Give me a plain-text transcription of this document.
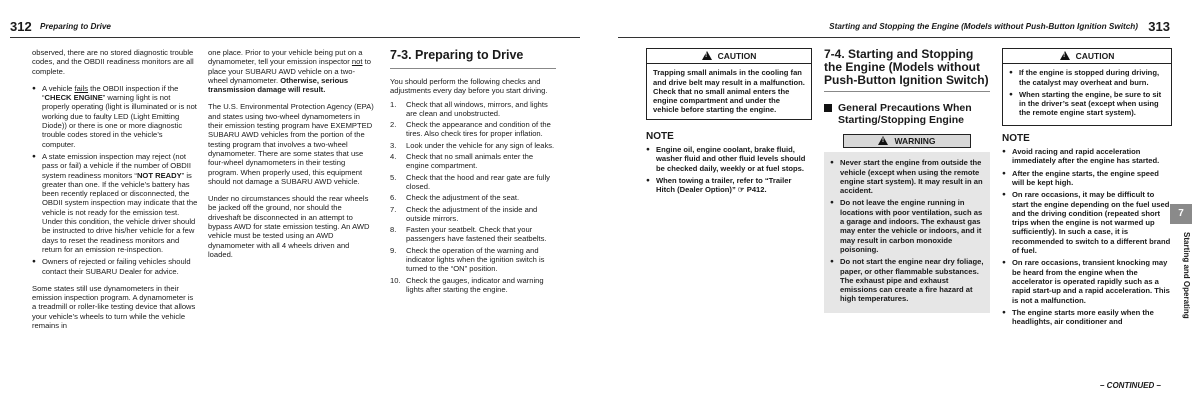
312 Preparing to Drive

observed, there are no stored diagnostic trouble codes, and the OBDII readiness monitors are all complete.

● A vehicle fails the OBDII inspection if the “CHECK ENGINE” warning light is not properly operating (light is illuminated or is not working due to faulty LED (Light Emitting Diode)) or there is one or more diagnostic trouble codes stored in the vehicle’s computer.
● A state emission inspection may reject (not pass or fail) a vehicle if the number of OBDII system readiness monitors “NOT READY” is greater than one. If the vehicle’s battery has been recently replaced or disconnected, the OBDII system inspection may indicate that the vehicle is not ready for the emission test. Under this condition, the vehicle driver should be instructed to drive his/her vehicle for a few days to reset the readiness monitors and return for an emission re-inspection.
● Owners of rejected or failing vehicles should contact their SUBARU Dealer for advice.

Some states still use dynamometers in their emission inspection program. A dynamometer is a treadmill or roller-like testing device that allows your vehicle’s wheels to turn while the vehicle remains in

one place. Prior to your vehicle being put on a dynamometer, tell your emission inspector not to place your SUBARU AWD vehicle on a two-wheel dynamometer. Otherwise, serious transmission damage will result.

The U.S. Environmental Protection Agency (EPA) and states using two-wheel dynamometers in their emission testing program have EXEMPTED SUBARU AWD vehicles from the portion of the testing program that involves a two-wheel dynamometer. There are some states that use four-wheel dynamometers in their testing program. When properly used, this equipment should not damage a SUBARU AWD vehicle.

Under no circumstances should the rear wheels be jacked off the ground, nor should the driveshaft be disconnected in an attempt to bypass AWD for state emission testing. An AWD vehicle must be tested using an AWD dynamometer with all 4 wheels driven and loaded.

7-3. Preparing to Drive

You should perform the following checks and adjustments every day before you start driving.

1. Check that all windows, mirrors, and lights are clean and unobstructed.
2. Check the appearance and condition of the tires. Also check tires for proper inflation.
3. Look under the vehicle for any sign of leaks.
4. Check that no small animals enter the engine compartment.
5. Check that the hood and rear gate are fully closed.
6. Check the adjustment of the seat.
7. Check the adjustment of the inside and outside mirrors.
8. Fasten your seatbelt. Check that your passengers have fastened their seatbelts.
9. Check the operation of the warning and indicator lights when the ignition switch is turned to the “ON” position.
10. Check the gauges, indicator and warning lights after starting the engine.
Starting and Stopping the Engine (Models without Push-Button Ignition Switch) 313
!CAUTION
Trapping small animals in the cooling fan and drive belt may result in a malfunction. Check that no small animal enters the engine compartment and under the vehicle before starting the engine.
NOTE
● Engine oil, engine coolant, brake fluid, washer fluid and other fluid levels should be checked daily, weekly or at fuel stops.
● When towing a trailer, refer to “Trailer Hitch (Dealer Option)” ☞ P412.
7-4. Starting and Stopping the Engine (Models without Push-Button Ignition Switch)
General Precautions When Starting/Stopping Engine
!WARNING
● Never start the engine from outside the vehicle (except when using the remote engine start system). It may result in an accident.
● Do not leave the engine running in locations with poor ventilation, such as a garage and indoors. The exhaust gas may enter the vehicle or indoors, and it may result in carbon monoxide poisoning.
● Do not start the engine near dry foliage, paper, or other flammable substances. The exhaust pipe and exhaust emissions can create a fire hazard at high temperatures.
!CAUTION
● If the engine is stopped during driving, the catalyst may overheat and burn.
● When starting the engine, be sure to sit in the driver’s seat (except when using the remote engine start system).
NOTE
● Avoid racing and rapid acceleration immediately after the engine has started.
● After the engine starts, the engine speed will be kept high.
● On rare occasions, it may be difficult to start the engine depending on the fuel used and the driving condition (repeated short trips when the engine is not warmed up sufficiently). In such a case, it is recommended to switch to a different brand of fuel.
● On rare occasions, transient knocking may be heard from the engine when the accelerator is operated rapidly such as a rapid start-up and a rapid acceleration. This is not a malfunction.
● The engine starts more easily when the headlights, air conditioner and
7
Starting and Operating
– CONTINUED –
